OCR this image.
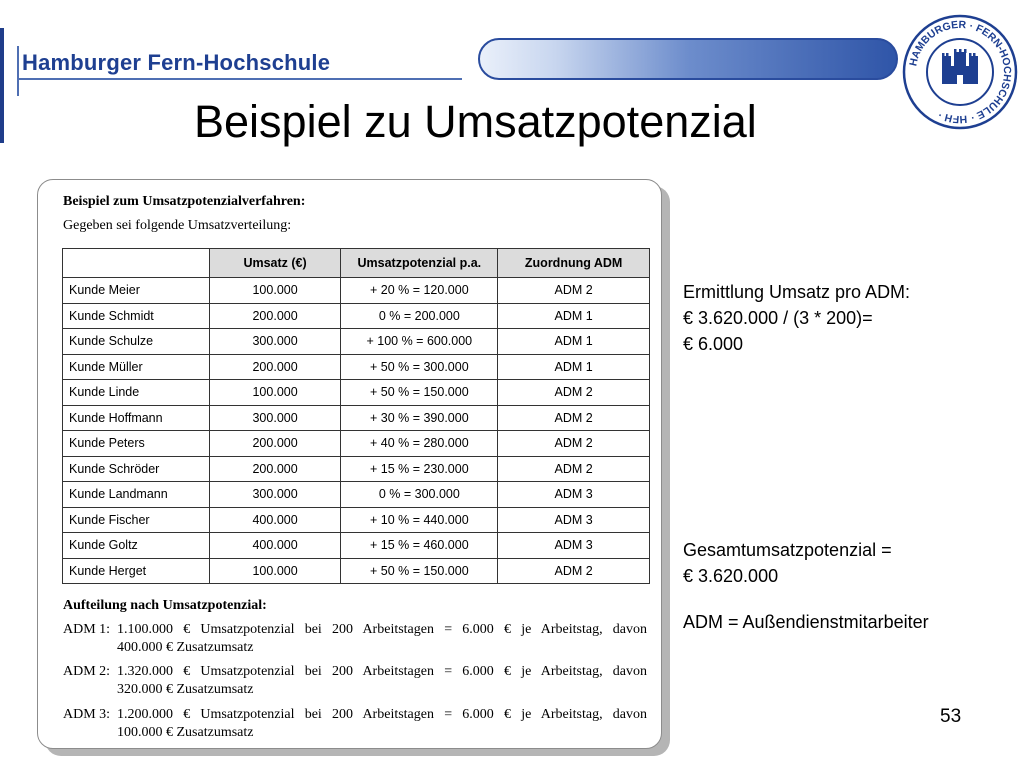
Hamburger Fern-Hochschule	HAMBURGER · FERN-HOCHSCHULE · HFH ·
Beispiel zu Umsatzpotenzial
Beispiel zum Umsatzpotenzialverfahren:
Gegeben sei folgende Umsatzverteilung:
	Umsatz (€)	Umsatzpotenzial p.a.	Zuordnung ADM
Kunde Meier	100.000	+ 20 % = 120.000	ADM 2
Kunde Schmidt	200.000	0 % = 200.000	ADM 1
Kunde Schulze	300.000	+ 100 % = 600.000	ADM 1
Kunde Müller	200.000	+ 50 % = 300.000	ADM 1
Kunde Linde	100.000	+ 50 % = 150.000	ADM 2
Kunde Hoffmann	300.000	+ 30 % = 390.000	ADM 2
Kunde Peters	200.000	+ 40 % = 280.000	ADM 2
Kunde Schröder	200.000	+ 15 % = 230.000	ADM 2
Kunde Landmann	300.000	0 % = 300.000	ADM 3
Kunde Fischer	400.000	+ 10 % = 440.000	ADM 3
Kunde Goltz	400.000	+ 15 % = 460.000	ADM 3
Kunde Herget	100.000	+ 50 % = 150.000	ADM 2
Aufteilung nach Umsatzpotenzial:
ADM 1: 1.100.000 € Umsatzpotenzial bei 200 Arbeitstagen = 6.000 € je Arbeitstag, davon
400.000 € Zusatzumsatz
ADM 2: 1.320.000 € Umsatzpotenzial bei 200 Arbeitstagen = 6.000 € je Arbeitstag, davon
320.000 € Zusatzumsatz
ADM 3: 1.200.000 € Umsatzpotenzial bei 200 Arbeitstagen = 6.000 € je Arbeitstag, davon
100.000 € Zusatzumsatz
Ermittlung Umsatz pro ADM:
€ 3.620.000 / (3 * 200)=
€ 6.000
Gesamtumsatzpotenzial =
€ 3.620.000
ADM = Außendienstmitarbeiter
53
